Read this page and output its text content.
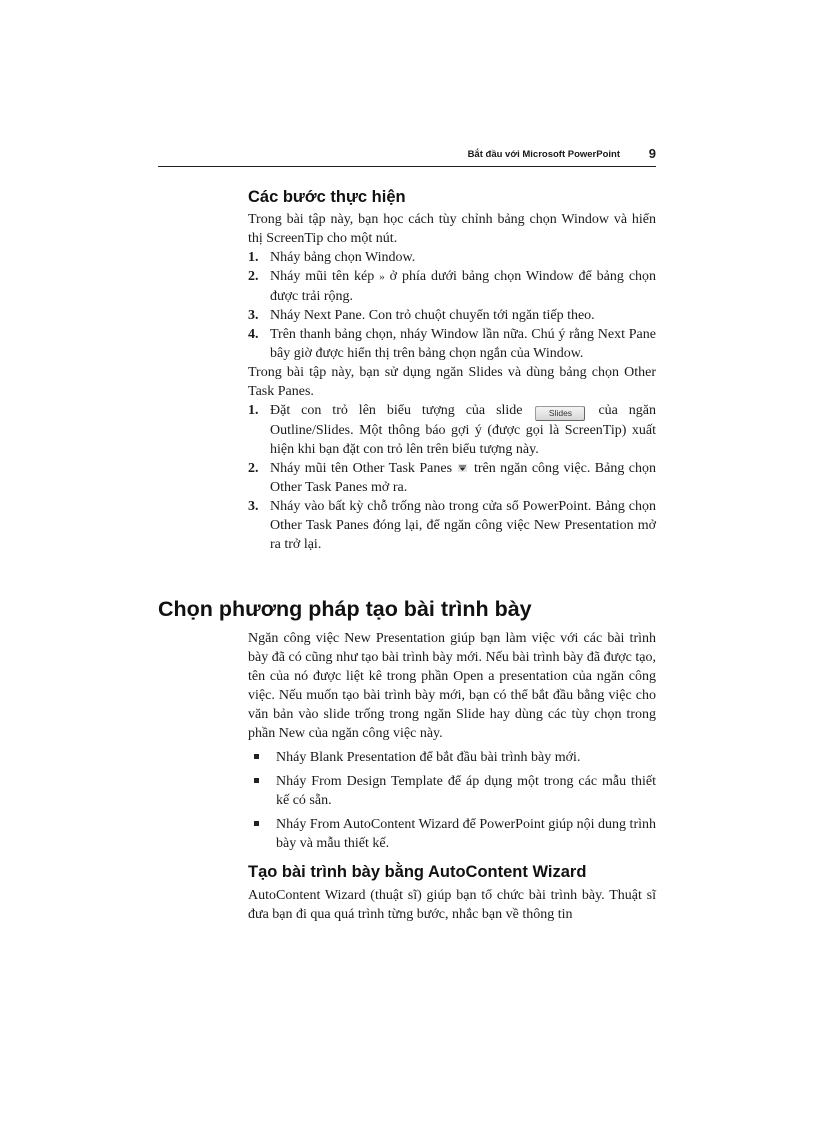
Bắt đầu với Microsoft PowerPoint 9
Các bước thực hiện

Trong bài tập này, bạn học cách tùy chỉnh bảng chọn Window và hiển thị ScreenTip cho một nút.

1. Nháy bảng chọn Window.
2. Nháy mũi tên kép » ở phía dưới bảng chọn Window để bảng chọn được trải rộng.
3. Nháy Next Pane. Con trỏ chuột chuyển tới ngăn tiếp theo.
4. Trên thanh bảng chọn, nháy Window lần nữa. Chú ý rằng Next Pane bây giờ được hiển thị trên bảng chọn ngắn của Window.

Trong bài tập này, bạn sử dụng ngăn Slides và dùng bảng chọn Other Task Panes.

1. Đặt con trỏ lên biểu tượng của slide	Slides của ngăn Outline/Slides. Một thông báo gợi ý (được gọi là ScreenTip) xuất hiện khi bạn đặt con trỏ lên trên biểu tượng này.
2. Nháy mũi tên Other Task Panes trên ngăn công việc. Bảng chọn Other Task Panes mở ra.
3. Nháy vào bất kỳ chỗ trống nào trong cửa sổ PowerPoint. Bảng chọn Other Task Panes đóng lại, để ngăn công việc New Presentation mở ra trở lại.
Chọn phương pháp tạo bài trình bày

Ngăn công việc New Presentation giúp bạn làm việc với các bài trình bày đã có cũng như tạo bài trình bày mới. Nếu bài trình bày đã được tạo, tên của nó được liệt kê trong phần Open a presentation của ngăn công việc. Nếu muốn tạo bài trình bày mới, bạn có thể bắt đầu bằng việc cho văn bản vào slide trống trong ngăn Slide hay dùng các tùy chọn trong phần New của ngăn công việc này.

Nháy Blank Presentation để bắt đầu bài trình bày mới.
Nháy From Design Template để áp dụng một trong các mẫu thiết kế có sẵn.
Nháy From AutoContent Wizard để PowerPoint giúp nội dung trình bày và mẫu thiết kế.
Tạo bài trình bày bằng AutoContent Wizard

AutoContent Wizard (thuật sĩ) giúp bạn tổ chức bài trình bày. Thuật sĩ đưa bạn đi qua quá trình từng bước, nhắc bạn về thông tin
